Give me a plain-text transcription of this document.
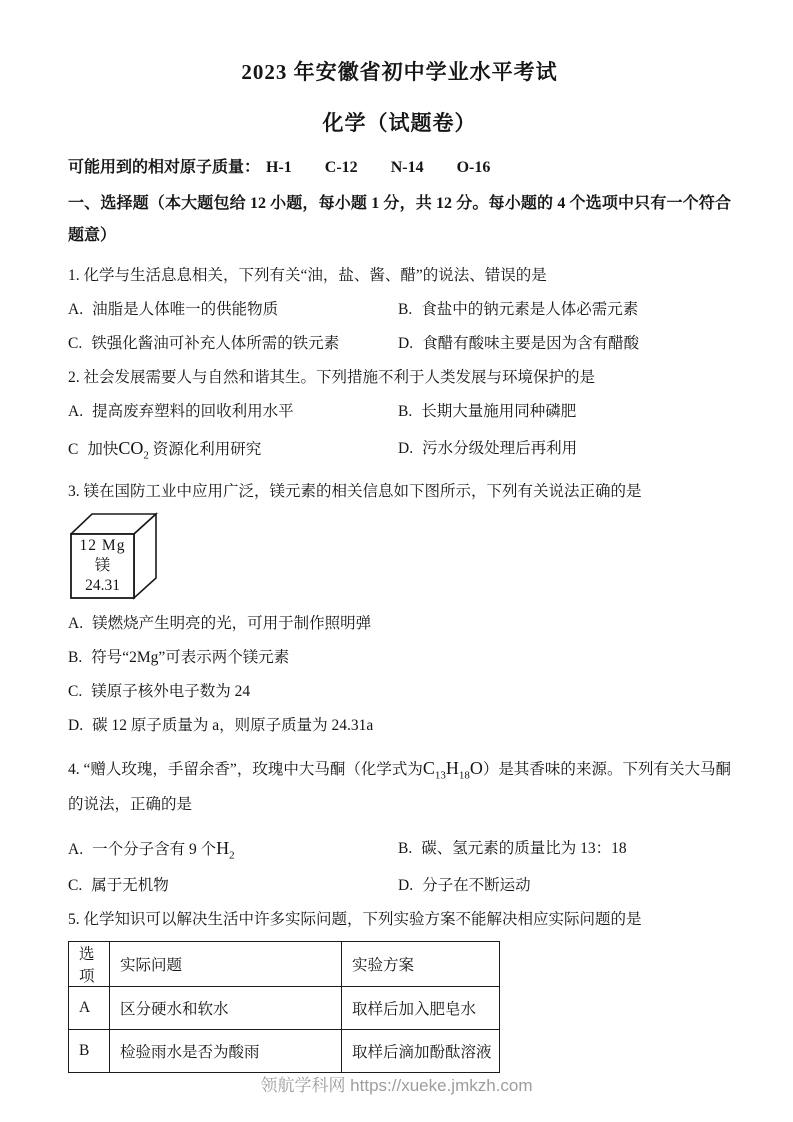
2023 年安徽省初中学业水平考试
化学（试题卷）

可能用到的相对原子质量： H-1 C-12 N-14 O-16

一、选择题（本大题包给 12 小题，每小题 1 分，共 12 分。每小题的 4 个选项中只有一个符合题意）

1. 化学与生活息息相关，下列有关“油，盐、酱、醋”的说法、错误的是

A. 油脂是人体唯一的供能物质	B. 食盐中的钠元素是人体必需元素
C. 铁强化酱油可补充人体所需的铁元素	D. 食醋有酸味主要是因为含有醋酸

2. 社会发展需要人与自然和谐其生。下列措施不利于人类发展与环境保护的是

A. 提高废弃塑料的回收利用水平	B. 长期大量施用同种磷肥
C 加快$CO_2$ 资源化利用研究	D. 污水分级处理后再利用

3. 镁在国防工业中应用广泛，镁元素的相关信息如下图所示，下列有关说法正确的是

12 Mg
镁
24.31

A. 镁燃烧产生明亮的光，可用于制作照明弹

B. 符号“2Mg”可表示两个镁元素

C. 镁原子核外电子数为 24

D. 碳 12 原子质量为 a，则原子质量为 24.31a

4. “赠人玫瑰，手留余香”，玫瑰中大马酮（化学式为$C_{13}H_{18}O$）是其香味的来源。下列有关大马酮的说法，正确的是

A. 一个分子含有 9 个$H_2$	B. 碳、氢元素的质量比为 13：18
C. 属于无机物	D. 分子在不断运动

5. 化学知识可以解决生活中许多实际问题，下列实验方案不能解决相应实际问题的是

选项	实际问题	实验方案
A	区分硬水和软水	取样后加入肥皂水
B	检验雨水是否为酸雨	取样后滴加酚酞溶液
领航学科网 https://xueke.jmkzh.com
